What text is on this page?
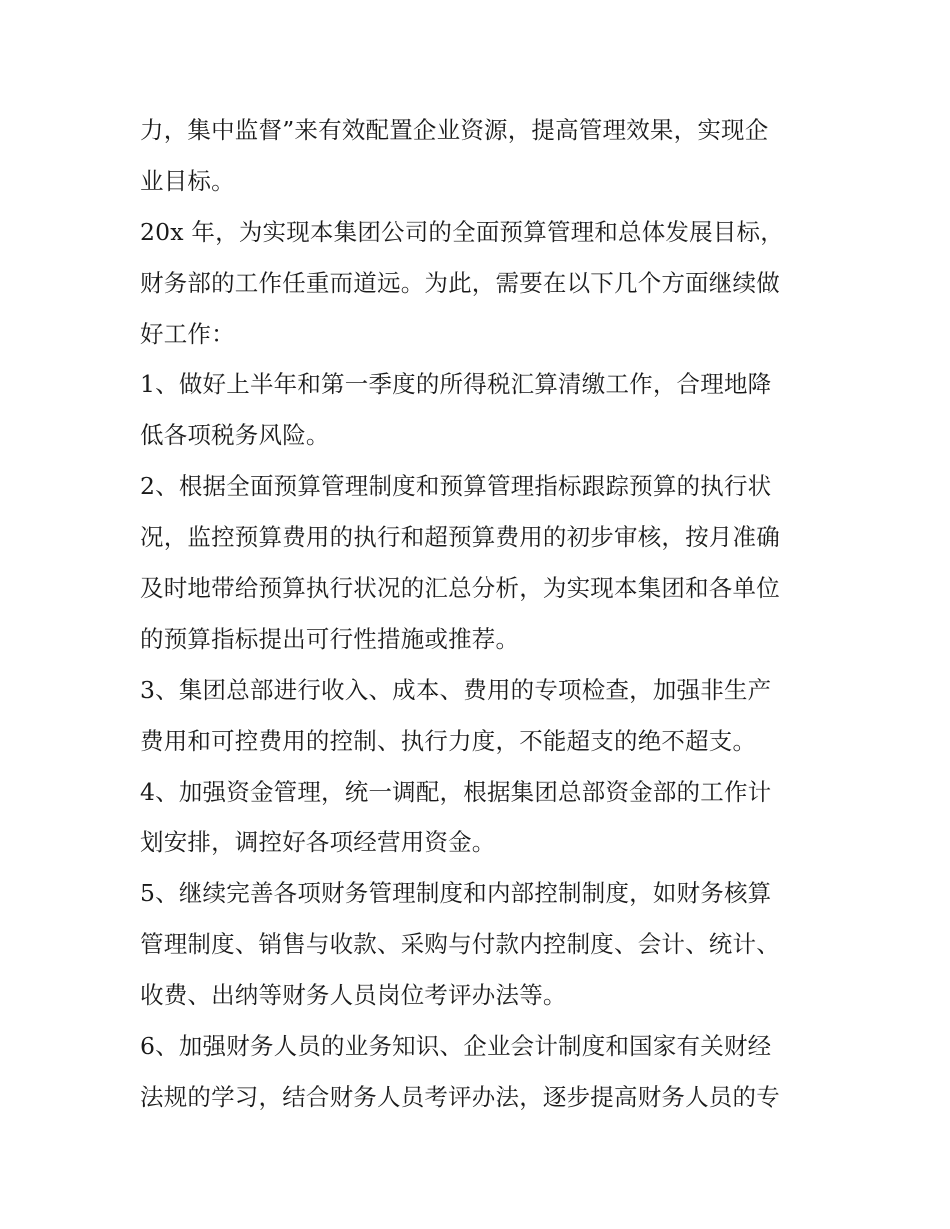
力，集中监督”来有效配置企业资源，提高管理效果，实现企
业目标。

20x 年，为实现本集团公司的全面预算管理和总体发展目标，
财务部的工作任重而道远。为此，需要在以下几个方面继续做
好工作：

1、做好上半年和第一季度的所得税汇算清缴工作，合理地降
低各项税务风险。

2、根据全面预算管理制度和预算管理指标跟踪预算的执行状
况，监控预算费用的执行和超预算费用的初步审核，按月准确
及时地带给预算执行状况的汇总分析，为实现本集团和各单位
的预算指标提出可行性措施或推荐。

3、集团总部进行收入、成本、费用的专项检查，加强非生产
费用和可控费用的控制、执行力度，不能超支的绝不超支。

4、加强资金管理，统一调配，根据集团总部资金部的工作计
划安排，调控好各项经营用资金。

5、继续完善各项财务管理制度和内部控制制度，如财务核算
管理制度、销售与收款、采购与付款内控制度、会计、统计、
收费、出纳等财务人员岗位考评办法等。

6、加强财务人员的业务知识、企业会计制度和国家有关财经
法规的学习，结合财务人员考评办法，逐步提高财务人员的专
